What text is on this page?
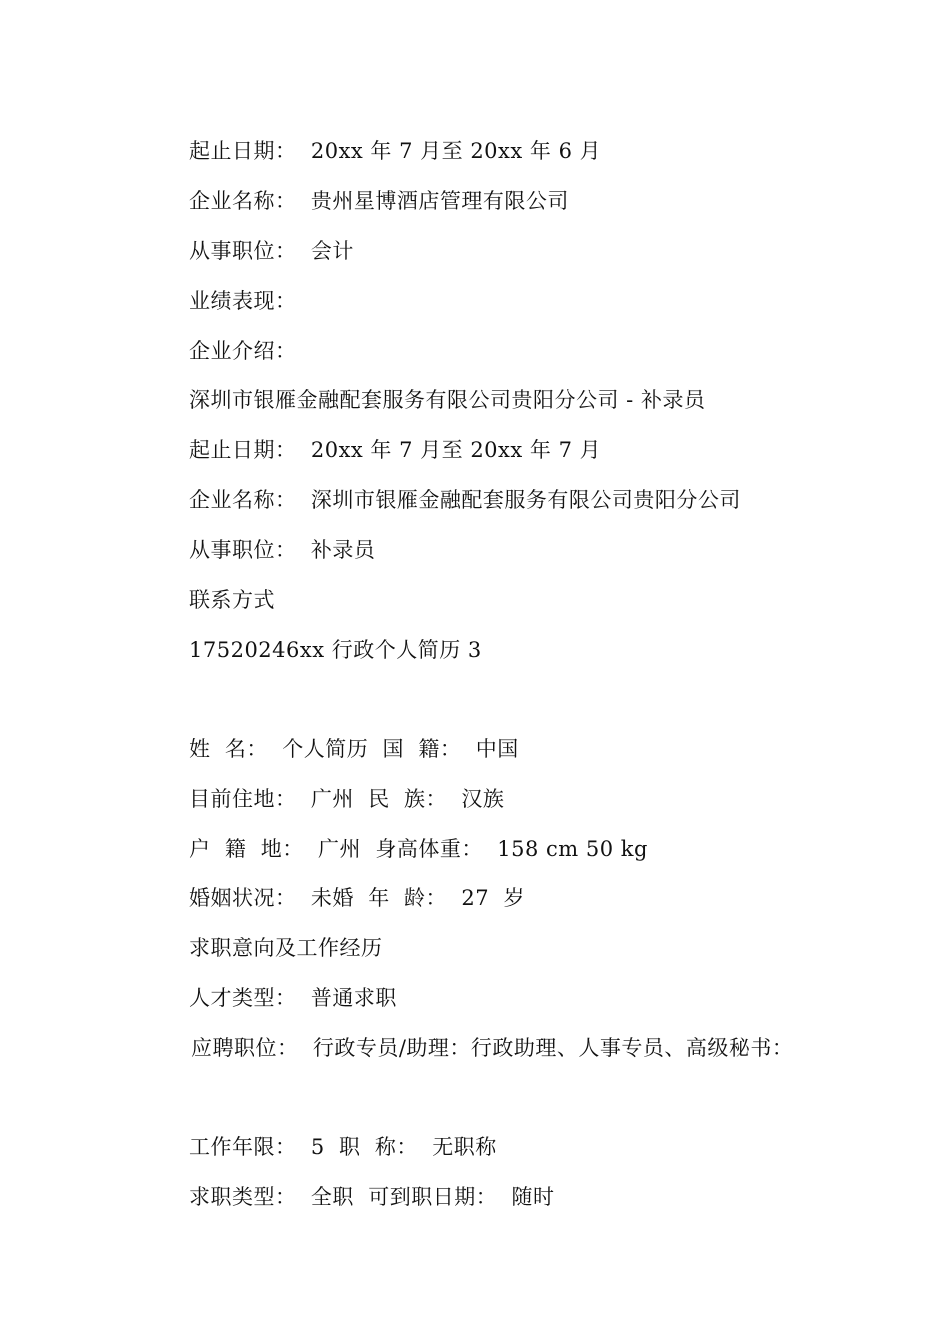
起止日期：  20xx 年 7 月至 20xx 年 6 月
企业名称：  贵州星博酒店管理有限公司
从事职位：  会计
业绩表现：
企业介绍：
深圳市银雁金融配套服务有限公司贵阳分公司 - 补录员
起止日期：  20xx 年 7 月至 20xx 年 7 月
企业名称：  深圳市银雁金融配套服务有限公司贵阳分公司
从事职位：  补录员
联系方式
17520246xx 行政个人简历 3
姓  名：  个人简历  国  籍：  中国
目前住地：  广州  民  族：  汉族
户  籍  地：  广州  身高体重：  158 cm 50 kg
婚姻状况：  未婚  年  龄：  27  岁
求职意向及工作经历
人才类型：  普通求职
应聘职位：  行政专员/助理：行政助理、人事专员、高级秘书：
工作年限：  5  职  称：  无职称
求职类型：  全职  可到职日期：  随时
